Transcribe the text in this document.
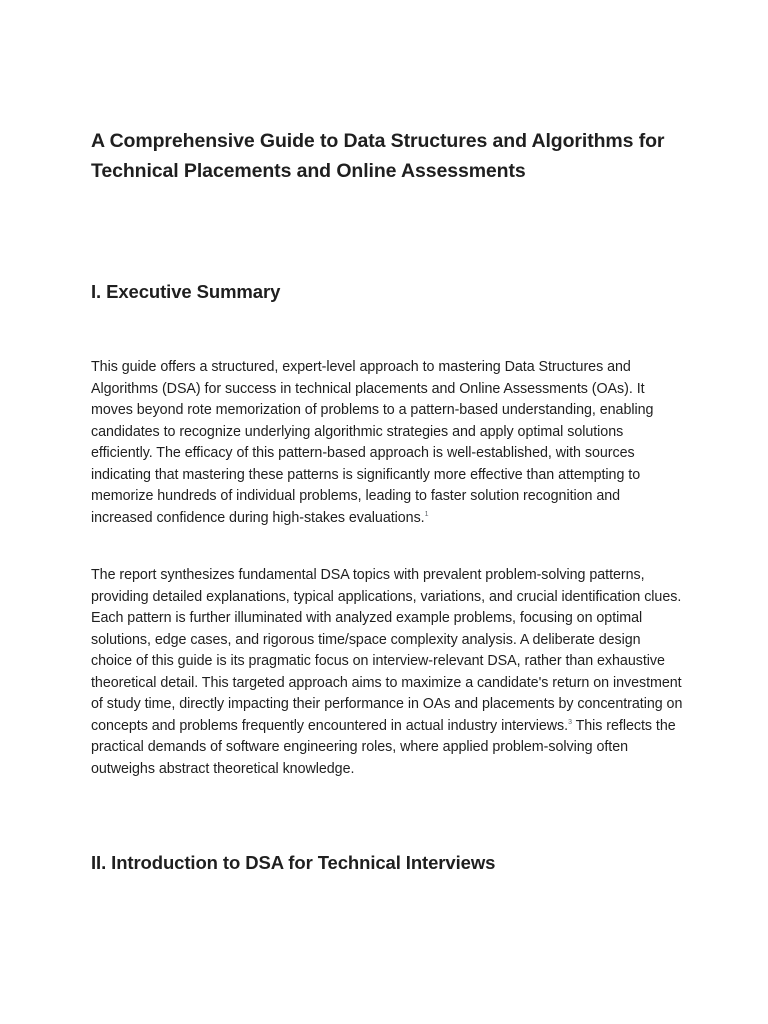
A Comprehensive Guide to Data Structures and Algorithms for Technical Placements and Online Assessments
I. Executive Summary

This guide offers a structured, expert-level approach to mastering Data Structures and Algorithms (DSA) for success in technical placements and Online Assessments (OAs). It moves beyond rote memorization of problems to a pattern-based understanding, enabling candidates to recognize underlying algorithmic strategies and apply optimal solutions efficiently. The efficacy of this pattern-based approach is well-established, with sources indicating that mastering these patterns is significantly more effective than attempting to memorize hundreds of individual problems, leading to faster solution recognition and increased confidence during high-stakes evaluations.$^1$

The report synthesizes fundamental DSA topics with prevalent problem-solving patterns, providing detailed explanations, typical applications, variations, and crucial identification clues. Each pattern is further illuminated with analyzed example problems, focusing on optimal solutions, edge cases, and rigorous time/space complexity analysis. A deliberate design choice of this guide is its pragmatic focus on interview-relevant DSA, rather than exhaustive theoretical detail. This targeted approach aims to maximize a candidate's return on investment of study time, directly impacting their performance in OAs and placements by concentrating on concepts and problems frequently encountered in actual industry interviews.$^3$ This reflects the practical demands of software engineering roles, where applied problem-solving often outweighs abstract theoretical knowledge.

II. Introduction to DSA for Technical Interviews
